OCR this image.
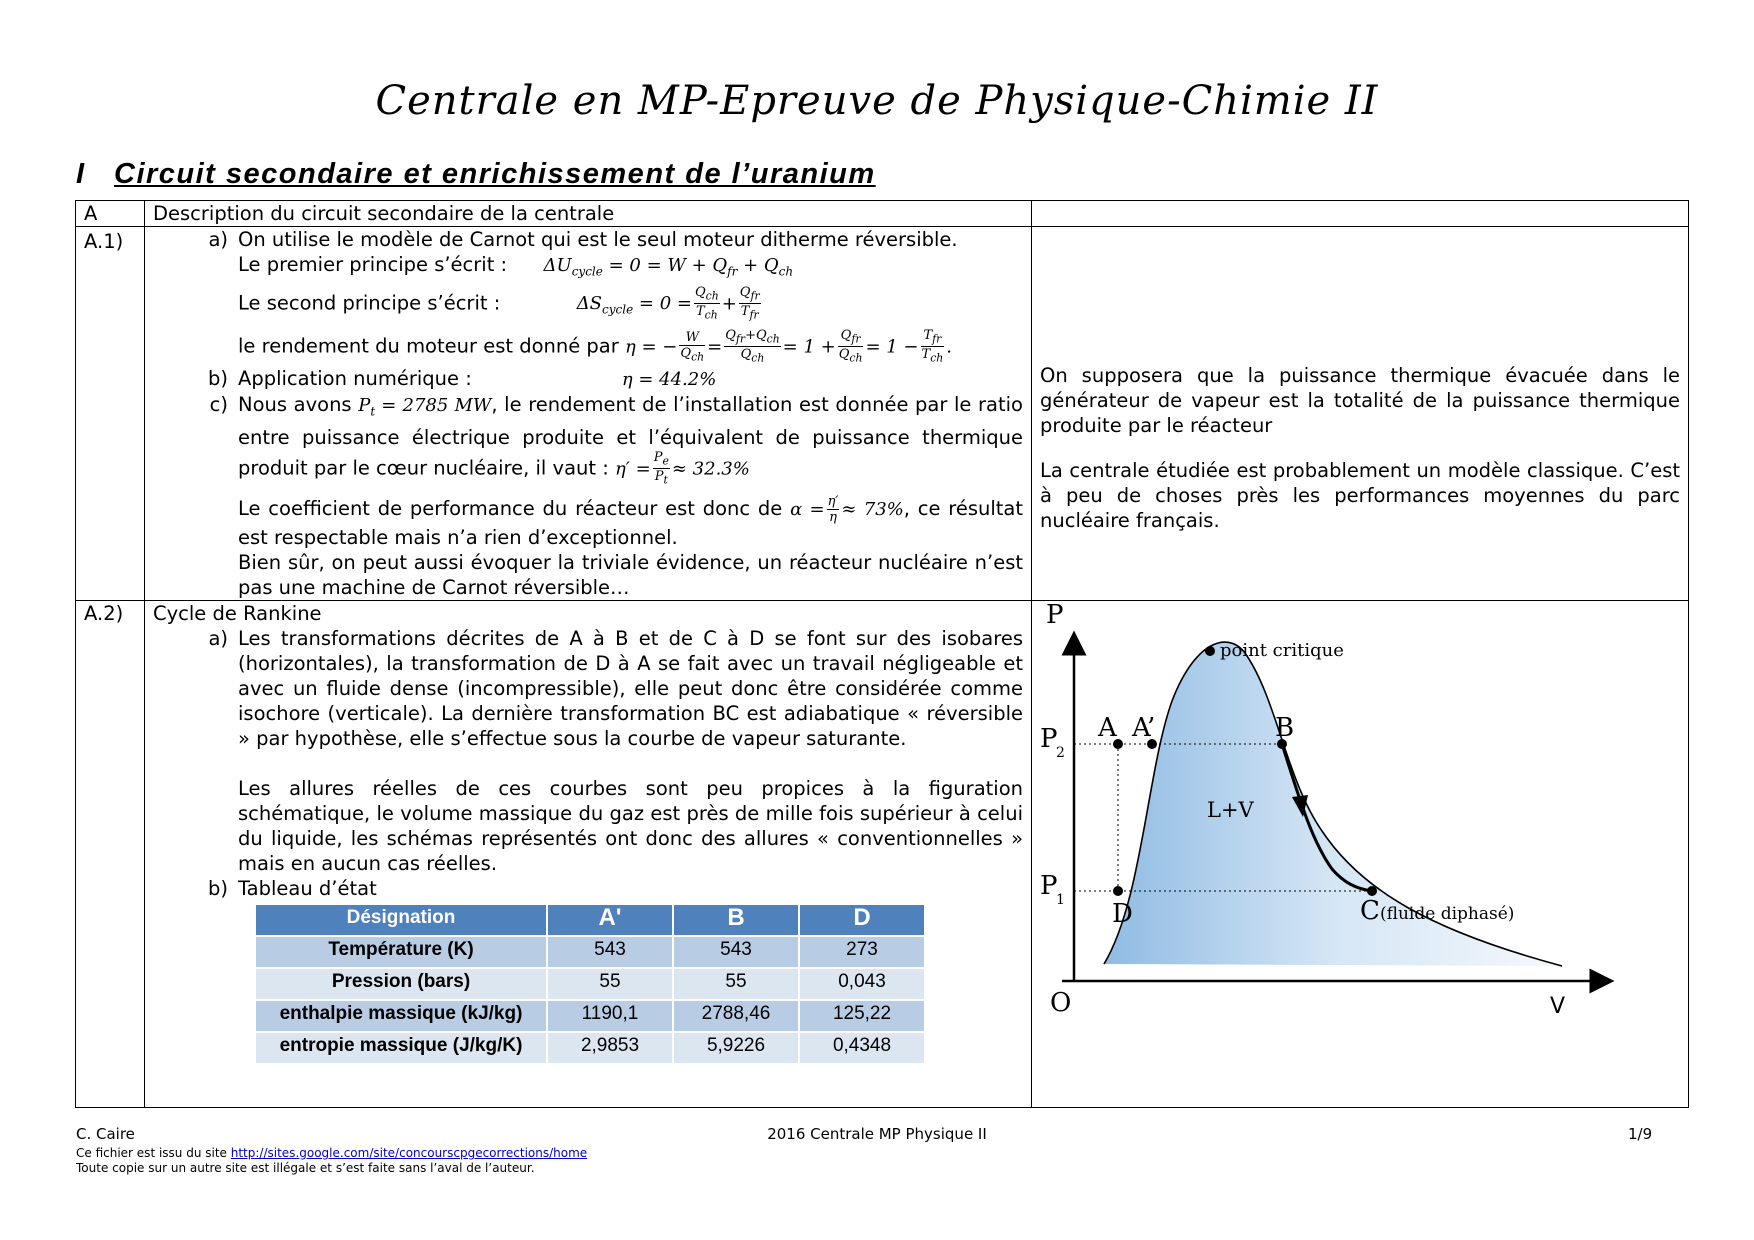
Centrale en MP-Epreuve de Physique-Chimie II
I Circuit secondaire et enrichissement de l’uranium
A	Description du circuit secondaire de la centrale	
A.1)	a) On utilise le modèle de Carnot qui est le seul moteur ditherme réversible.
Le premier principe s’écrit : $\Delta U_{cycle} = 0 = W + Q_{fr} + Q_{ch}$
Le second principe s’écrit :	$\Delta S_{cycle} = 0 = \frac{Q_{ch}}{T_{ch}} + \frac{Q_{fr}}{T_{fr}}$
le rendement du moteur est donné par η = − $\frac{W}{Q_{ch}} = \frac{Q_{fr}+Q_{ch}}{Q_{ch}} = 1 + \frac{Q_{fr}}{Q_{ch}} = 1 - \frac{T_{fr}}{T_{ch}}$ .
b) Application numérique :	η = 44.2%
c) Nous avons $P_t = 2785$ MW, le rendement de l’installation est donnée par le ratio entre puissance électrique produite et l’équivalent de puissance thermique produit par le cœur nucléaire, il vaut : $\eta' = \frac{P_e}{P_t} \approx 32.3\%$
Le coefficient de performance du réacteur est donc de $\alpha = \frac{\eta'}{\eta} \approx 73\%$, ce résultat est respectable mais n’a rien d’exceptionnel.
Bien sûr, on peut aussi évoquer la triviale évidence, un réacteur nucléaire n’est pas une machine de Carnot réversible…

On supposera que la puissance thermique évacuée dans le générateur de vapeur est la totalité de la puissance thermique produite par le réacteur
La centrale étudiée est probablement un modèle classique. C’est à peu de choses près les performances moyennes du parc nucléaire français.

A.2)	Cycle de Rankine
a) Les transformations décrites de A à B et de C à D se font sur des isobares (horizontales), la transformation de D à A se fait avec un travail négligeable et avec un fluide dense (incompressible), elle peut donc être considérée comme isochore (verticale). La dernière transformation BC est adiabatique « réversible » par hypothèse, elle s’effectue sous la courbe de vapeur saturante.
Les allures réelles de ces courbes sont peu propices à la figuration schématique, le volume massique du gaz est près de mille fois supérieur à celui du liquide, les schémas représentés ont donc des allures « conventionnelles » mais en aucun cas réelles.
b) Tableau d’état
Désignation	A'	B	D
Température (K)	543	543	273
Pression (bars)	55	55	0,043
enthalpie massique (kJ/kg)	1190,1	2788,46	125,22
entropie massique (J/kg/K)	2,9853	5,9226	0,4348

P
V
O
P
2
P
1
A A’	B
D	C (fluide diphasé)
point critique
L+V
C. Caire	2016 Centrale MP Physique II	1/9
Ce fichier est issu du site http://sites.google.com/site/concourscpgecorrections/home
Toute copie sur un autre site est illégale et s’est faite sans l’aval de l’auteur.
